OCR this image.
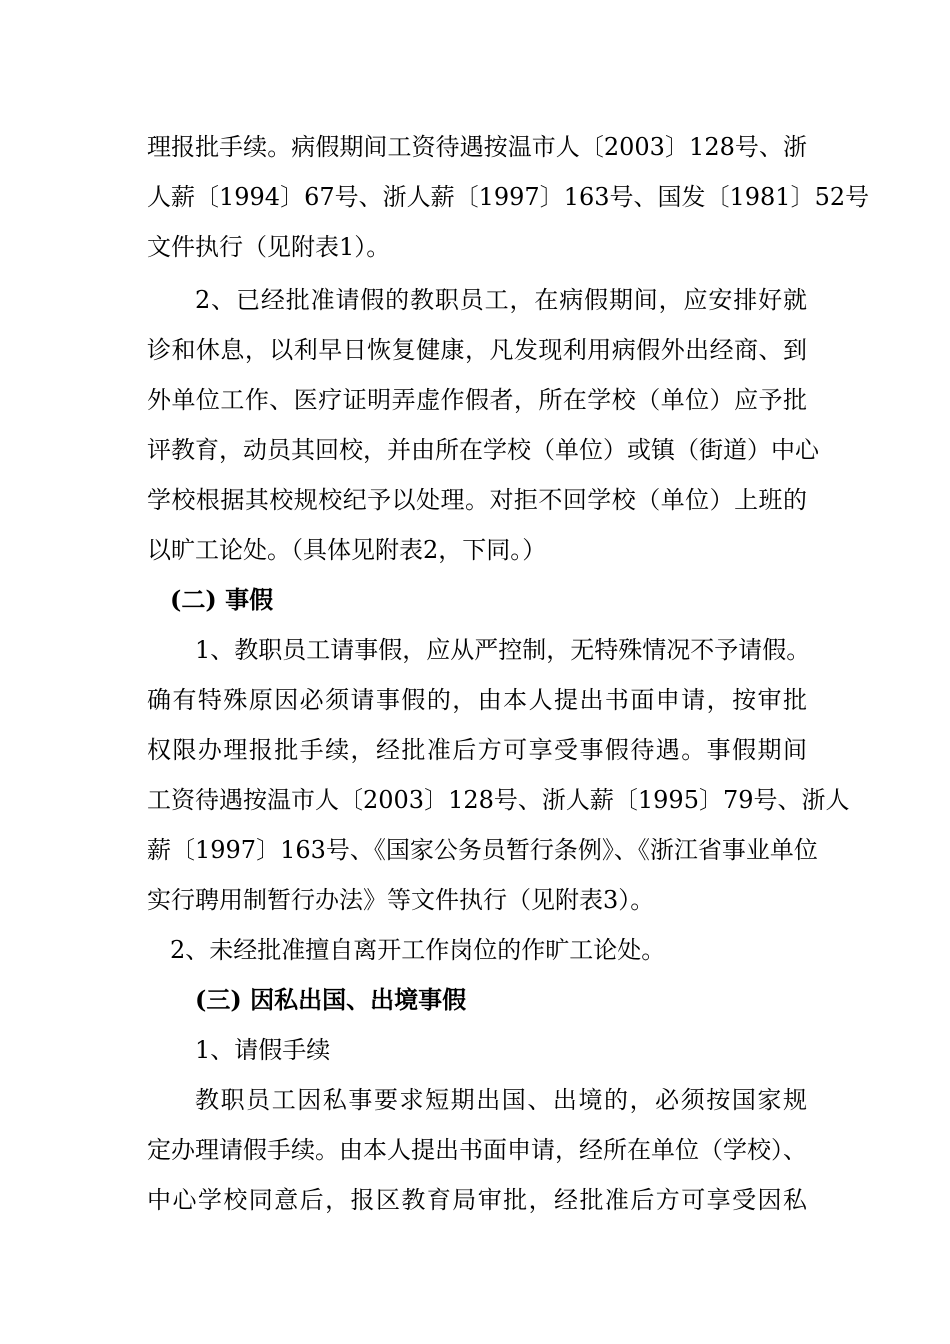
理报批手续。病假期间工资待遇按温市人〔2003〕128号、浙
人薪〔1994〕67号、浙人薪〔1997〕163号、国发〔1981〕52号
文件执行（见附表1）。
2、已经批准请假的教职员工，在病假期间，应安排好就
诊和休息，以利早日恢复健康，凡发现利用病假外出经商、到
外单位工作、医疗证明弄虚作假者，所在学校（单位）应予批
评教育，动员其回校，并由所在学校（单位）或镇（街道）中心
学校根据其校规校纪予以处理。对拒不回学校（单位）上班的
以旷工论处。（具体见附表2，下同。）
(二) 事假
1、教职员工请事假，应从严控制，无特殊情况不予请假。
确有特殊原因必须请事假的，由本人提出书面申请，按审批
权限办理报批手续，经批准后方可享受事假待遇。事假期间
工资待遇按温市人〔2003〕128号、浙人薪〔1995〕79号、浙人
薪〔1997〕163号、《国家公务员暂行条例》、《浙江省事业单位
实行聘用制暂行办法》等文件执行（见附表3）。
2、未经批准擅自离开工作岗位的作旷工论处。
(三) 因私出国、出境事假
1、请假手续
教职员工因私事要求短期出国、出境的，必须按国家规
定办理请假手续。由本人提出书面申请，经所在单位（学校）、
中心学校同意后，报区教育局审批，经批准后方可享受因私
